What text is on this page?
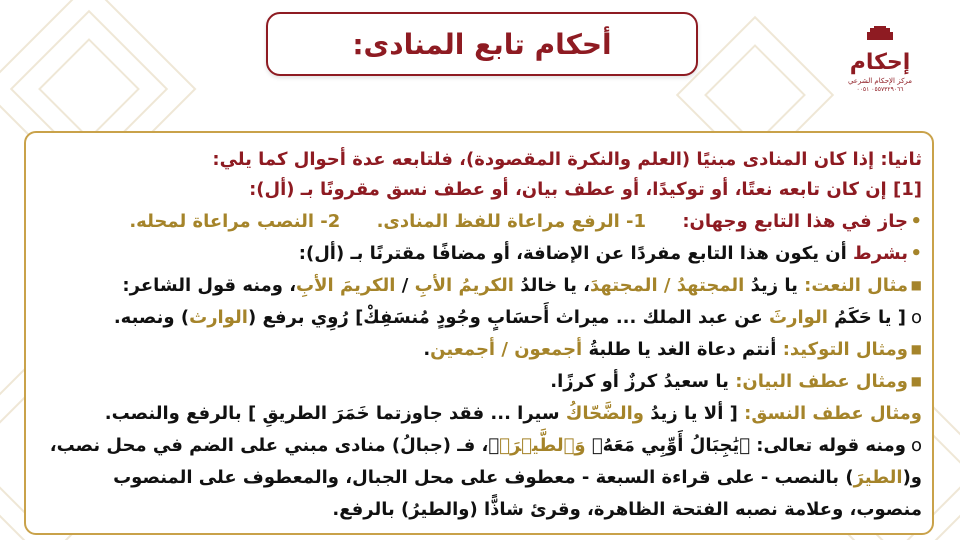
أحكام تابع المنادى:
إحكام
مركز الإحكام الشرعي
٠٥٥٧٣٢٩٠٦٦ ٠٠٥١
ثانيا: إذا كان المنادى مبنيًا (العلم والنكرة المقصودة)، فلتابعه عدة أحوال كما يلي:
[1] إن كان تابعه نعتًا، أو توكيدًا، أو عطف بيان، أو عطف نسق مقرونًا بـ (أل):
•جاز في هذا التابع وجهان: 1- الرفع مراعاة للفظ المنادى. 2- النصب مراعاة لمحله.
•بشرط أن يكون هذا التابع مفردًا عن الإضافة، أو مضافًا مقترنًا بـ (أل):
■مثال النعت: يا زيدُ المجتهدُ / المجتهدَ، يا خالدُ الكريمُ الأبِ / الكريمَ الأبِ، ومنه قول الشاعر:
o[ يا حَكَمُ الوارثَ عن عبد الملك ... ميراث أَحسَابٍ وجُودٍ مُنسَفِكْ] رُوِي برفع (الوارث) ونصبه.
■ومثال التوكيد: أنتم دعاة الغد يا طلبةُ أجمعون / أجمعين.
■ومثال عطف البيان: يا سعيدُ كرزٌ أو كرزًا.
ومثال عطف النسق: [ ألا يا زيدُ والضَّحّاكُ سيرا ... فقد جاوزتما خَمَرَ الطريقِ ] بالرفع والنصب.
oومنه قوله تعالى: ﴿يَٰجِبَالُ أَوِّبِي مَعَهُۥ وَٱلطَّيۡرَۖ﴾، فـ (جبالُ) منادى مبني على الضم في محل نصب،
و(الطيرَ) بالنصب - على قراءة السبعة - معطوف على محل الجبال، والمعطوف على المنصوب
منصوب، وعلامة نصبه الفتحة الظاهرة، وقرئ شاذًّا (والطيرُ) بالرفع.
